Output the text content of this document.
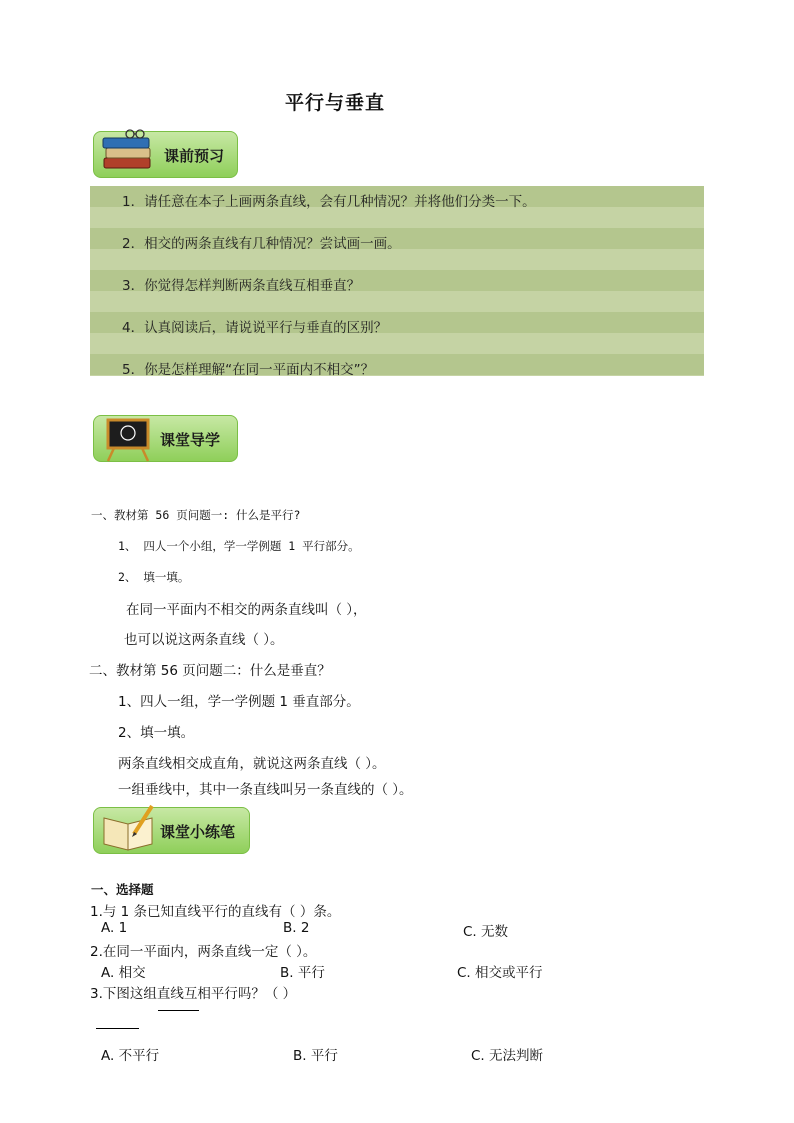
平行与垂直
课前预习
1．请任意在本子上画两条直线，会有几种情况？并将他们分类一下。
2．相交的两条直线有几种情况？尝试画一画。
3．你觉得怎样判断两条直线互相垂直？
4．认真阅读后，请说说平行与垂直的区别？
5．你是怎样理解“在同一平面内不相交”？
课堂导学
一、教材第 56 页问题一: 什么是平行?
1、 四人一个小组，学一学例题 1 平行部分。
2、 填一填。
在同一平面内不相交的两条直线叫（ ），
也可以说这两条直线（ ）。
二、教材第 56 页问题二：什么是垂直？
1、四人一组，学一学例题 1 垂直部分。
2、填一填。
两条直线相交成直角，就说这两条直线（ ）。
一组垂线中，其中一条直线叫另一条直线的（ ）。
课堂小练笔
一、选择题
1.与 1 条已知直线平行的直线有（ ）条。
A. 1	B. 2	C. 无数
2.在同一平面内，两条直线一定（ ）。
A. 相交	B. 平行	C. 相交或平行
3.下图这组直线互相平行吗？（ ）
A. 不平行	B. 平行	C. 无法判断
